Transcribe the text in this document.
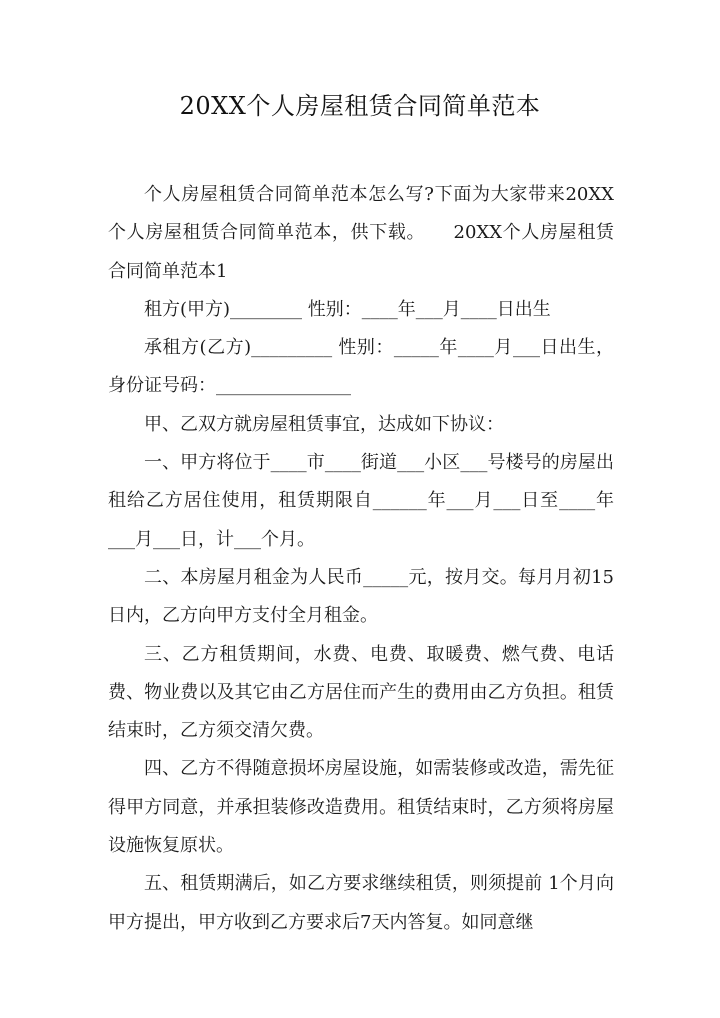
20XX个人房屋租赁合同简单范本

个人房屋租赁合同简单范本怎么写?下面为大家带来20XX个人房屋租赁合同简单范本，供下载。　　20XX个人房屋租赁合同简单范本1

租方(甲方)________ 性别：____年___月____日出生

承租方(乙方)_________ 性别：_____年____月___日出生，身份证号码：_______________

甲、乙双方就房屋租赁事宜，达成如下协议：

一、甲方将位于____市____街道___小区___号楼号的房屋出租给乙方居住使用，租赁期限自______年___月___日至____年___月___日，计___个月。

二、本房屋月租金为人民币_____元，按月交。每月月初15日内，乙方向甲方支付全月租金。

三、乙方租赁期间，水费、电费、取暖费、燃气费、电话费、物业费以及其它由乙方居住而产生的费用由乙方负担。租赁结束时，乙方须交清欠费。

四、乙方不得随意损坏房屋设施，如需装修或改造，需先征得甲方同意，并承担装修改造费用。租赁结束时，乙方须将房屋设施恢复原状。

五、租赁期满后，如乙方要求继续租赁，则须提前 1个月向甲方提出，甲方收到乙方要求后7天内答复。如同意继
